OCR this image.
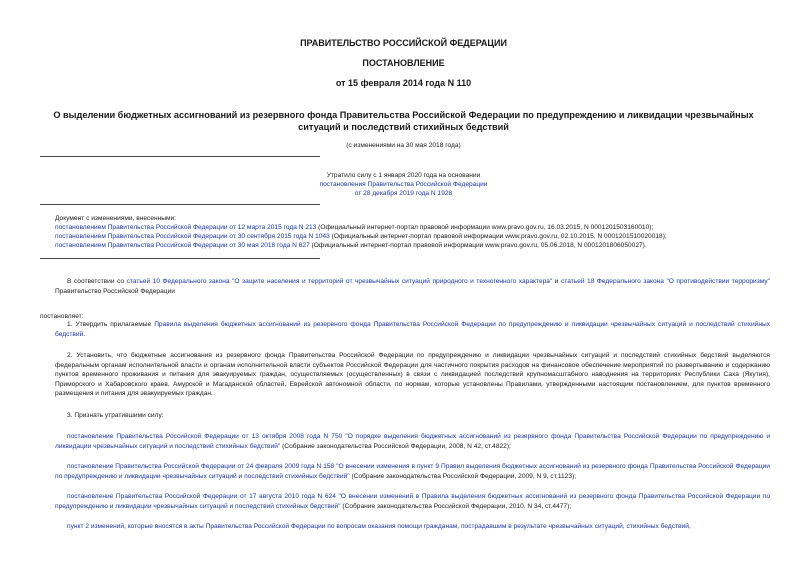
ПРАВИТЕЛЬСТВО РОССИЙСКОЙ ФЕДЕРАЦИИ
ПОСТАНОВЛЕНИЕ
от 15 февраля 2014 года N 110
О выделении бюджетных ассигнований из резервного фонда Правительства Российской Федерации по предупреждению и ликвидации чрезвычайных ситуаций и последствий стихийных бедствий
(с изменениями на 30 мая 2018 года)
Утратило силу с 1 января 2020 года на основании
постановления Правительства Российской Федерации
от 28 декабря 2019 года N 1928
Документ с изменениями, внесенными:
постановлением Правительства Российской Федерации от 12 марта 2015 года N 213 (Официальный интернет-портал правовой информации www.pravo.gov.ru, 16.03.2015, N 0001201503160010);
постановлением Правительства Российской Федерации от 30 сентября 2015 года N 1043 (Официальный интернет-портал правовой информации www.pravo.gov.ru, 02.10.2015, N 0001201510020018);
постановлением Правительства Российской Федерации от 30 мая 2018 года N 627 (Официальный интернет-портал правовой информации www.pravo.gov.ru, 05.06.2018, N 0001201806050027).
В соответствии со статьей 10 Федерального закона "О защите населения и территорий от чрезвычайных ситуаций природного и техногенного характера" и статьей 18 Федерального закона "О противодействии терроризму" Правительство Российской Федерации
постановляет:
1. Утвердить прилагаемые Правила выделения бюджетных ассигнований из резервного фонда Правительства Российской Федерации по предупреждению и ликвидации чрезвычайных ситуаций и последствий стихийных бедствий.
2. Установить, что бюджетные ассигнования из резервного фонда Правительства Российской Федерации по предупреждению и ликвидации чрезвычайных ситуаций и последствий стихийных бедствий выделяются федеральным органам исполнительной власти и органам исполнительной власти субъектов Российской Федерации для частичного покрытия расходов на финансовое обеспечение мероприятий по развертыванию и содержанию пунктов временного проживания и питания для эвакуируемых граждан, осуществляемых (осуществленных) в связи с ликвидацией последствий крупномасштабного наводнения на территориях Республики Саха (Якутия), Приморского и Хабаровского краев, Амурской и Магаданской областей, Еврейской автономной области, по нормам, которые установлены Правилами, утвержденными настоящим постановлением, для пунктов временного размещения и питания для эвакуируемых граждан.
3. Признать утратившими силу:
постановление Правительства Российской Федерации от 13 октября 2008 года N 750 "О порядке выделения бюджетных ассигнований из резервного фонда Правительства Российской Федерации по предупреждению и ликвидации чрезвычайных ситуаций и последствий стихийных бедствий" (Собрание законодательства Российской Федерации, 2008, N 42, ст.4822);
постановление Правительства Российской Федерации от 24 февраля 2009 года N 158 "О внесении изменения в пункт 9 Правил выделения бюджетных ассигнований из резервного фонда Правительства Российской Федерации по предупреждению и ликвидации чрезвычайных ситуаций и последствий стихийных бедствий" (Собрание законодательства Российской Федерации, 2009, N 9, ст.1123);
постановление Правительства Российской Федерации от 17 августа 2010 года N 624 "О внесении изменений в Правила выделения бюджетных ассигнований из резервного фонда Правительства Российской Федерации по предупреждению и ликвидации чрезвычайных ситуаций и последствий стихийных бедствий" (Собрание законодательства Российской Федерации, 2010, N 34, ст.4477);
пункт 2 изменений, которые вносятся в акты Правительства Российской Федерации по вопросам оказания помощи гражданам, пострадавшим в результате чрезвычайных ситуаций, стихийных бедствий,
